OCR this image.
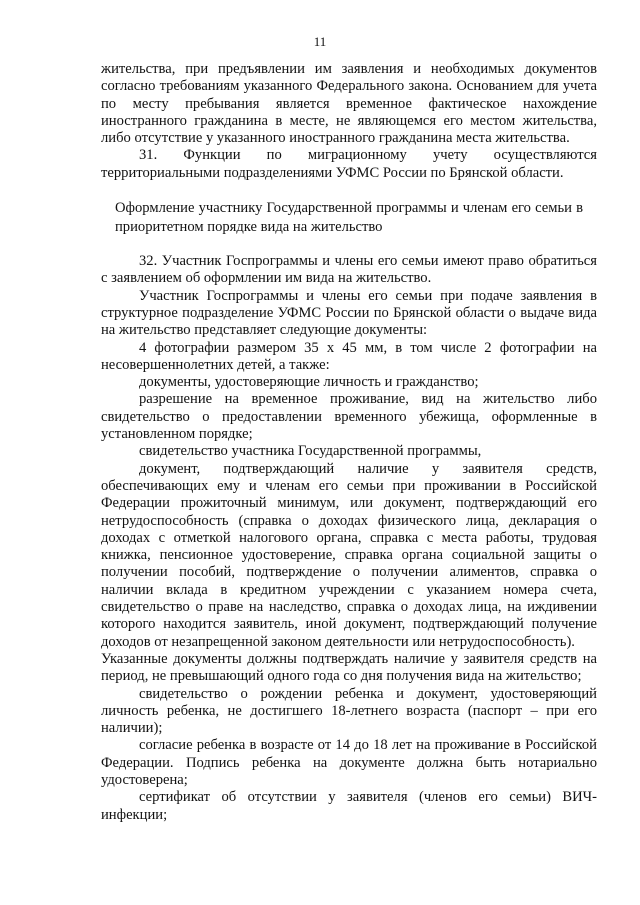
11

жительства, при предъявлении им заявления и необходимых документов согласно требованиям указанного Федерального закона. Основанием для учета по месту пребывания является временное фактическое нахождение иностранного гражданина в месте, не являющемся его местом жительства, либо отсутствие у указанного иностранного гражданина места жительства.

31. Функции по миграционному учету осуществляются территориальными подразделениями УФМС России по Брянской области.

Оформление участнику Государственной программы и членам его семьи в приоритетном порядке вида на жительство

32. Участник Госпрограммы и члены его семьи имеют право обратиться с заявлением об оформлении им вида на жительство.

Участник Госпрограммы и члены его семьи при подаче заявления в структурное подразделение УФМС России по Брянской области о выдаче вида на жительство представляет следующие документы:

4 фотографии размером 35 х 45 мм, в том числе 2 фотографии на несовершеннолетних детей, а также:

документы, удостоверяющие личность и гражданство;

разрешение на временное проживание, вид на жительство либо свидетельство о предоставлении временного убежища, оформленные в установленном порядке;

свидетельство участника Государственной программы,

документ, подтверждающий наличие у заявителя средств, обеспечивающих ему и членам его семьи при проживании в Российской Федерации прожиточный минимум, или документ, подтверждающий его нетрудоспособность (справка о доходах физического лица, декларация о доходах с отметкой налогового органа, справка с места работы, трудовая книжка, пенсионное удостоверение, справка органа социальной защиты о получении пособий, подтверждение о получении алиментов, справка о наличии вклада в кредитном учреждении с указанием номера счета, свидетельство о праве на наследство, справка о доходах лица, на иждивении которого находится заявитель, иной документ, подтверждающий получение доходов от незапрещенной законом деятельности или нетрудоспособность).

Указанные документы должны подтверждать наличие у заявителя средств на период, не превышающий одного года со дня получения вида на жительство;

свидетельство о рождении ребенка и документ, удостоверяющий личность ребенка, не достигшего 18-летнего возраста (паспорт – при его наличии);

согласие ребенка в возрасте от 14 до 18 лет на проживание в Российской Федерации. Подпись ребенка на документе должна быть нотариально удостоверена;

сертификат об отсутствии у заявителя (членов его семьи) ВИЧ-инфекции;
